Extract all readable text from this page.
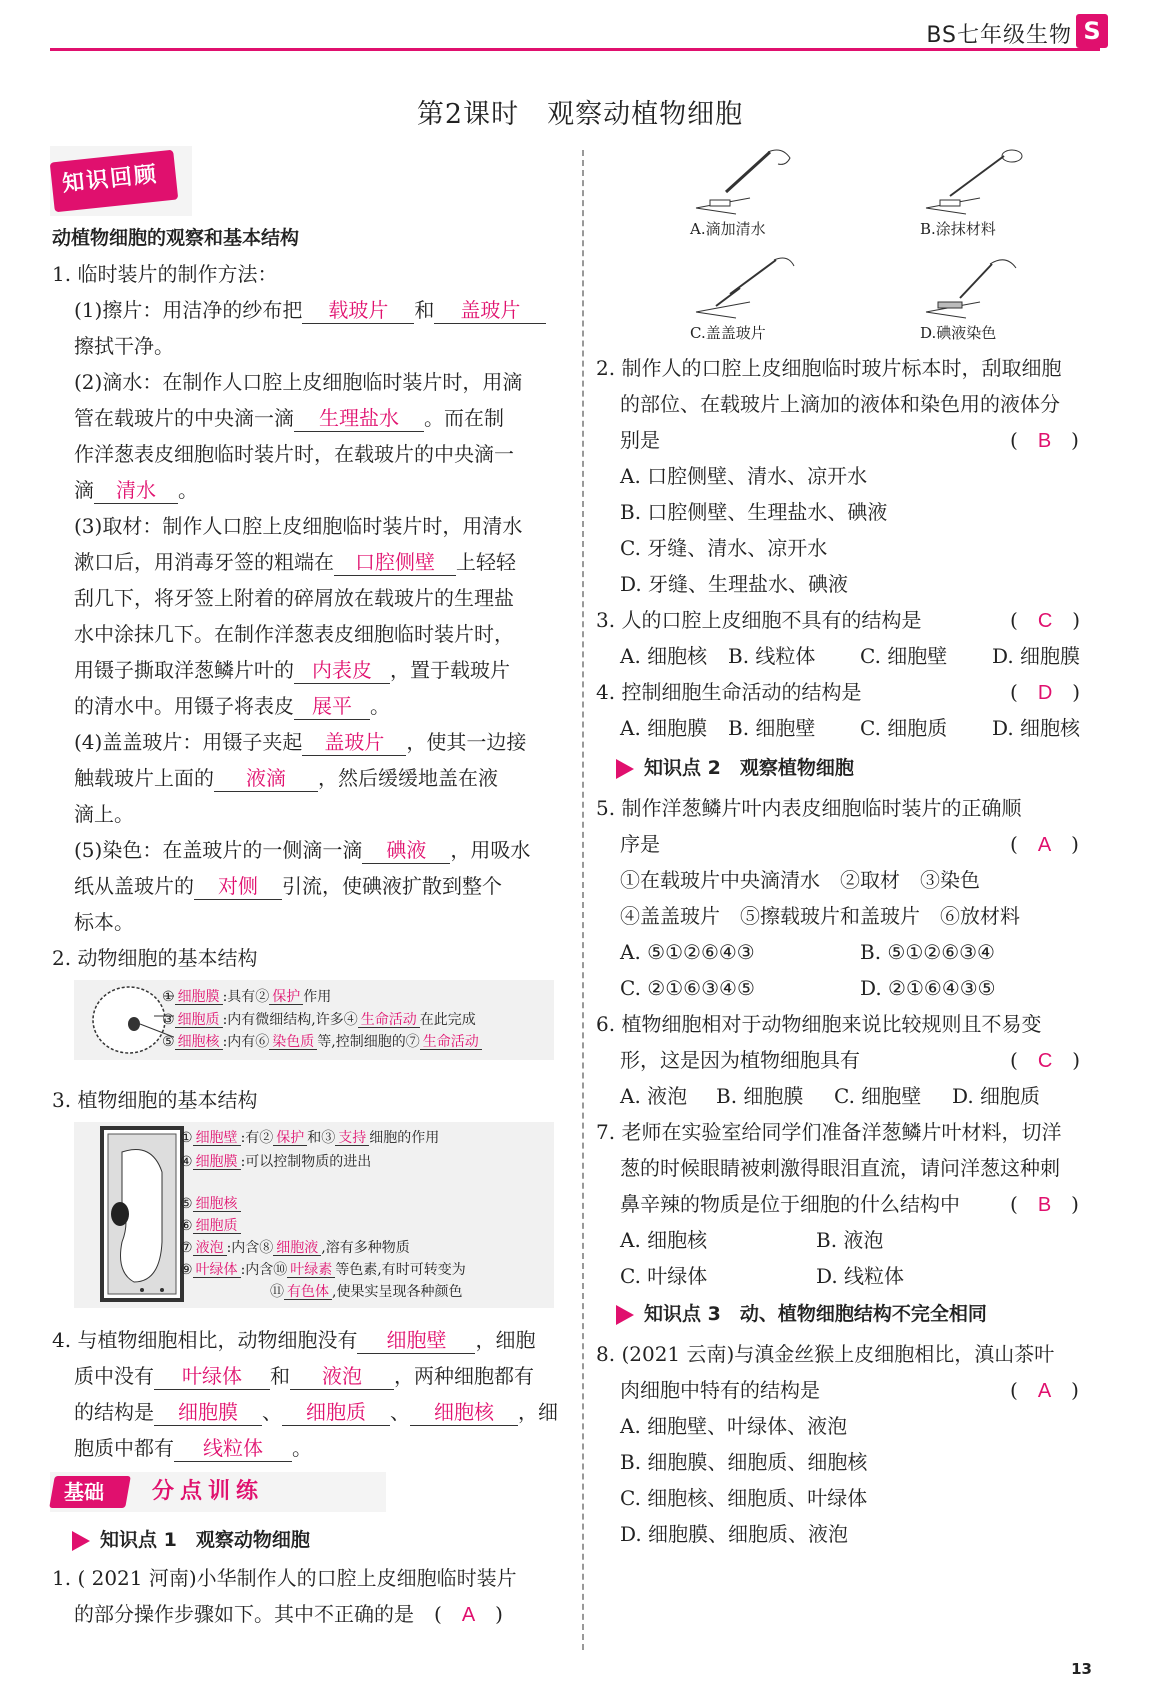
BS七年级生物 S
第2课时　观察动植物细胞
知识回顾
动植物细胞的观察和基本结构
1. 临时装片的制作方法：
(1)擦片：用洁净的纱布把 载玻片 和 盖玻片
擦拭干净。
(2)滴水：在制作人口腔上皮细胞临时装片时，用滴
管在载玻片的中央滴一滴 生理盐水 。而在制
作洋葱表皮细胞临时装片时，在载玻片的中央滴一
滴 清水 。
(3)取材：制作人口腔上皮细胞临时装片时，用清水
漱口后，用消毒牙签的粗端在 口腔侧壁 上轻轻
刮几下，将牙签上附着的碎屑放在载玻片的生理盐
水中涂抹几下。在制作洋葱表皮细胞临时装片时，
用镊子撕取洋葱鳞片叶的 内表皮 ，置于载玻片
的清水中。用镊子将表皮 展平 。
(4)盖盖玻片：用镊子夹起 盖玻片 ，使其一边接
触载玻片上面的 液滴 ，然后缓缓地盖在液
滴上。
(5)染色：在盖玻片的一侧滴一滴 碘液 ，用吸水
纸从盖玻片的 对侧 引流，使碘液扩散到整个
标本。
2. 动物细胞的基本结构
① 细胞膜 :具有② 保护 作用
③ 细胞质 :内有微细结构,许多④ 生命活动 在此完成
⑤ 细胞核 :内有⑥ 染色质 等,控制细胞的⑦ 生命活动
3. 植物细胞的基本结构
① 细胞壁 :有② 保护 和③ 支持 细胞的作用
④ 细胞膜 :可以控制物质的进出
⑤ 细胞核
⑥ 细胞质
⑦ 液泡 :内含⑧ 细胞液 ,溶有多种物质
⑨ 叶绿体 :内含⑩ 叶绿素 等色素,有时可转变为
⑪ 有色体 ,使果实呈现各种颜色
4. 与植物细胞相比，动物细胞没有 细胞壁 ，细胞
质中没有 叶绿体 和 液泡 ，两种细胞都有
的结构是 细胞膜 、 细胞质 、 细胞核 ，细
胞质中都有 线粒体 。
基础 分点训练
知识点 1　观察动物细胞
1. ( 2021 河南)小华制作人的口腔上皮细胞临时装片
的部分操作步骤如下。其中不正确的是　(　A　)
A.滴加清水	B.涂抹材料
C.盖盖玻片	D.碘液染色
2. 制作人的口腔上皮细胞临时玻片标本时，刮取细胞
的部位、在载玻片上滴加的液体和染色用的液体分
别是	(　 B　 )
A. 口腔侧壁、清水、凉开水
B. 口腔侧壁、生理盐水、碘液
C. 牙缝、清水、凉开水
D. 牙缝、生理盐水、碘液
3. 人的口腔上皮细胞不具有的结构是	(　 C　 )
A. 细胞核 B. 线粒体 C. 细胞壁 D. 细胞膜
4. 控制细胞生命活动的结构是	(　 D　 )
A. 细胞膜 B. 细胞壁 C. 细胞质 D. 细胞核
知识点 2　观察植物细胞
5. 制作洋葱鳞片叶内表皮细胞临时装片的正确顺
序是	(　 A　 )
①在载玻片中央滴清水　②取材　③染色
④盖盖玻片　⑤擦载玻片和盖玻片　⑥放材料
A. ⑤①②⑥④③	B. ⑤①②⑥③④
C. ②①⑥③④⑤	D. ②①⑥④③⑤
6. 植物细胞相对于动物细胞来说比较规则且不易变
形，这是因为植物细胞具有	(　 C　 )
A. 液泡 B. 细胞膜 C. 细胞壁 D. 细胞质
7. 老师在实验室给同学们准备洋葱鳞片叶材料，切洋
葱的时候眼睛被刺激得眼泪直流，请问洋葱这种刺
鼻辛辣的物质是位于细胞的什么结构中	(　 B　 )
A. 细胞核	B. 液泡
C. 叶绿体	D. 线粒体
知识点 3　动、植物细胞结构不完全相同
8. (2021 云南)与滇金丝猴上皮细胞相比，滇山茶叶
肉细胞中特有的结构是	(　 A　 )
A. 细胞壁、叶绿体、液泡
B. 细胞膜、细胞质、细胞核
C. 细胞核、细胞质、叶绿体
D. 细胞膜、细胞质、液泡
13
